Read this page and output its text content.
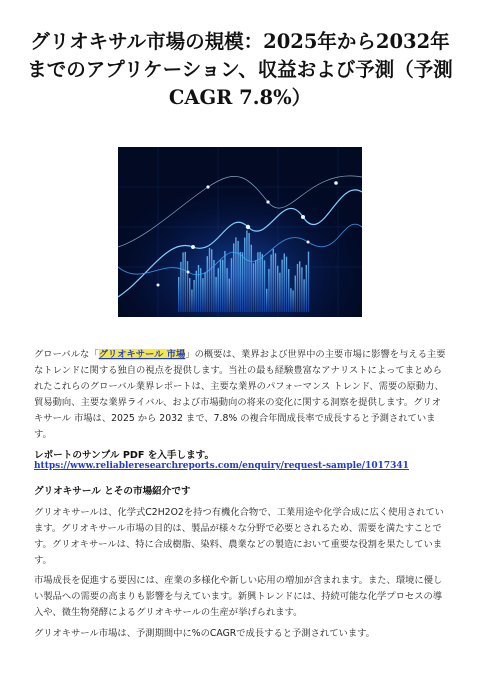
グリオキサル市場の規模：2025年から2032年までのアプリケーション、収益および予測（予測CAGR 7.8%）

グローバルな「グリオキサール 市場」の概要は、業界および世界中の主要市場に影響を与える主要なトレンドに関する独自の視点を提供します。当社の最も経験豊富なアナリストによってまとめられたこれらのグローバル業界レポートは、主要な業界のパフォーマンス トレンド、需要の原動力、貿易動向、主要な業界ライバル、および市場動向の将来の変化に関する洞察を提供します。グリオキサール 市場は、2025 から 2032 まで、7.8% の複合年間成長率で成長すると予測されています。

レポートのサンプル PDF を入手します。

https://www.reliableresearchreports.com/enquiry/request-sample/1017341

グリオキサール とその市場紹介です

グリオキサールは、化学式C2H2O2を持つ有機化合物で、工業用途や化学合成に広く使用されています。グリオキサール市場の目的は、製品が様々な分野で必要とされるため、需要を満たすことです。グリオキサールは、特に合成樹脂、染料、農業などの製造において重要な役割を果たしています。

市場成長を促進する要因には、産業の多様化や新しい応用の増加が含まれます。また、環境に優しい製品への需要の高まりも影響を与えています。新興トレンドには、持続可能な化学プロセスの導入や、微生物発酵によるグリオキサールの生産が挙げられます。

グリオキサール市場は、予測期間中に%のCAGRで成長すると予測されています。
